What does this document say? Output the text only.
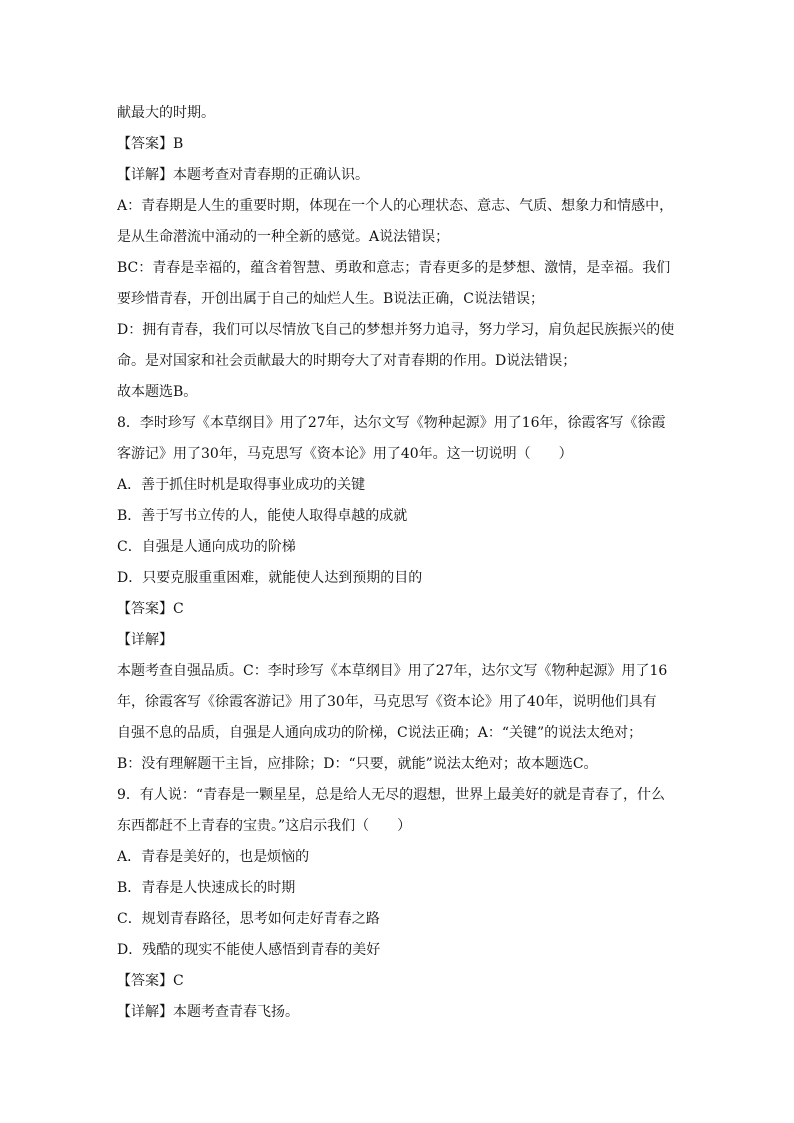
献最大的时期。
【答案】B
【详解】本题考查对青春期的正确认识。
A：青春期是人生的重要时期，体现在一个人的心理状态、意志、气质、想象力和情感中，
是从生命潜流中涌动的一种全新的感觉。A说法错误；
BC：青春是幸福的，蕴含着智慧、勇敢和意志；青春更多的是梦想、激情，是幸福。我们
要珍惜青春，开创出属于自己的灿烂人生。B说法正确，C说法错误；
D：拥有青春，我们可以尽情放飞自己的梦想并努力追寻，努力学习，肩负起民族振兴的使
命。是对国家和社会贡献最大的时期夸大了对青春期的作用。D说法错误；
故本题选B。
8．李时珍写《本草纲目》用了27年，达尔文写《物种起源》用了16年，徐霞客写《徐霞
客游记》用了30年，马克思写《资本论》用了40年。这一切说明（　　）
A．善于抓住时机是取得事业成功的关键
B．善于写书立传的人，能使人取得卓越的成就
C．自强是人通向成功的阶梯
D．只要克服重重困难，就能使人达到预期的目的
【答案】C
【详解】
本题考查自强品质。C：李时珍写《本草纲目》用了27年，达尔文写《物种起源》用了16
年，徐霞客写《徐霞客游记》用了30年，马克思写《资本论》用了40年，说明他们具有
自强不息的品质，自强是人通向成功的阶梯，C说法正确；A：“关键”的说法太绝对；
B：没有理解题干主旨，应排除；D：“只要，就能”说法太绝对；故本题选C。
9．有人说：“青春是一颗星星，总是给人无尽的遐想，世界上最美好的就是青春了，什么
东西都赶不上青春的宝贵。”这启示我们（　　）
A．青春是美好的，也是烦恼的
B．青春是人快速成长的时期
C．规划青春路径，思考如何走好青春之路
D．残酷的现实不能使人感悟到青春的美好
【答案】C
【详解】本题考查青春飞扬。
